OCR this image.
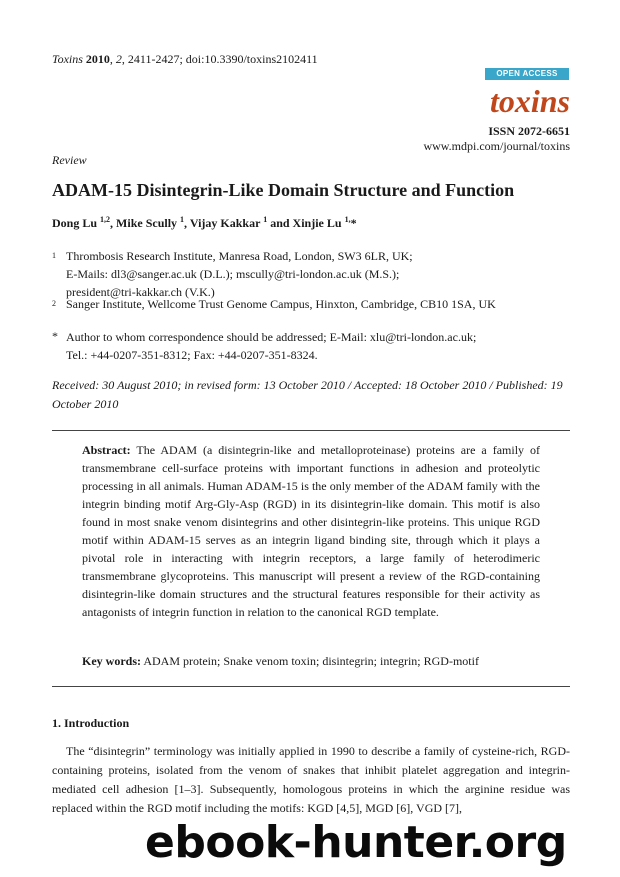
Toxins 2010, 2, 2411-2427; doi:10.3390/toxins2102411
OPEN ACCESS
toxins
ISSN 2072-6651
www.mdpi.com/journal/toxins
Review
ADAM-15 Disintegrin-Like Domain Structure and Function
Dong Lu $^{1,2}$, Mike Scully $^1$, Vijay Kakkar $^1$ and Xinjie Lu $^{1,}$*
1 Thrombosis Research Institute, Manresa Road, London, SW3 6LR, UK;
E-Mails: dl3@sanger.ac.uk (D.L.); mscully@tri-london.ac.uk (M.S.);
president@tri-kakkar.ch (V.K.)
2 Sanger Institute, Wellcome Trust Genome Campus, Hinxton, Cambridge, CB10 1SA, UK
* Author to whom correspondence should be addressed; E-Mail: xlu@tri-london.ac.uk;
Tel.: +44-0207-351-8312; Fax: +44-0207-351-8324.
Received: 30 August 2010; in revised form: 13 October 2010 / Accepted: 18 October 2010 / Published: 19 October 2010
Abstract: The ADAM (a disintegrin-like and metalloproteinase) proteins are a family of transmembrane cell-surface proteins with important functions in adhesion and proteolytic processing in all animals. Human ADAM-15 is the only member of the ADAM family with the integrin binding motif Arg-Gly-Asp (RGD) in its disintegrin-like domain. This motif is also found in most snake venom disintegrins and other disintegrin-like proteins. This unique RGD motif within ADAM-15 serves as an integrin ligand binding site, through which it plays a pivotal role in interacting with integrin receptors, a large family of heterodimeric transmembrane glycoproteins. This manuscript will present a review of the RGD-containing disintegrin-like domain structures and the structural features responsible for their activity as antagonists of integrin function in relation to the canonical RGD template.
Key words: ADAM protein; Snake venom toxin; disintegrin; integrin; RGD-motif
1. Introduction
The “disintegrin” terminology was initially applied in 1990 to describe a family of cysteine-rich, RGD-containing proteins, isolated from the venom of snakes that inhibit platelet aggregation and integrin-mediated cell adhesion [1–3]. Subsequently, homologous proteins in which the arginine residue was replaced within the RGD motif including the motifs: KGD [4,5], MGD [6], VGD [7],
ebook-hunter.org
